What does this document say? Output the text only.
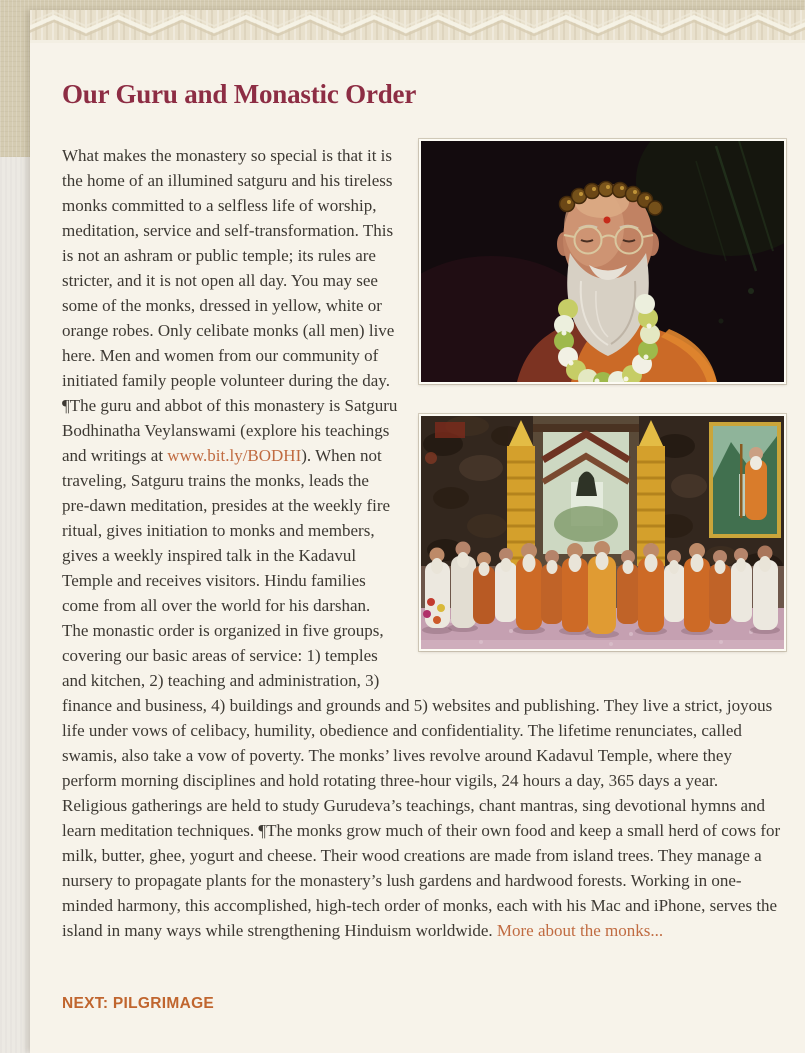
Our Guru and Monastic Order

What makes the monastery so special is that it is the home of an illumined satguru and his tireless monks committed to a selfless life of worship, meditation, service and self-transformation. This is not an ashram or public temple; its rules are stricter, and it is not open all day. You may see some of the monks, dressed in yellow, white or orange robes. Only celibate monks (all men) live here. Men and women from our community of initiated family people volunteer during the day. ¶The guru and abbot of this monastery is Satguru Bodhinatha Veylanswami (explore his teachings and writings at www.bit.ly/BODHI). When not traveling, Satguru trains the monks, leads the pre-dawn meditation, presides at the weekly fire ritual, gives initiation to monks and members, gives a weekly inspired talk in the Kadavul Temple and receives visitors. Hindu families come from all over the world for his darshan. The monastic order is organized in five groups, covering our basic areas of service: 1) temples and kitchen, 2) teaching and administration, 3) finance and business, 4) buildings and grounds and 5) websites and publishing. They live a strict, joyous life under vows of celibacy, humility, obedience and confidentiality. The lifetime renunciates, called swamis, also take a vow of poverty. The monks’ lives revolve around Kadavul Temple, where they perform morning disciplines and hold rotating three-hour vigils, 24 hours a day, 365 days a year. Religious gatherings are held to study Gurudeva’s teachings, chant mantras, sing devotional hymns and learn meditation techniques. ¶The monks grow much of their own food and keep a small herd of cows for milk, butter, ghee, yogurt and cheese. Their wood creations are made from island trees. They manage a nursery to propagate plants for the monastery’s lush gardens and hardwood forests. Working in one-minded harmony, this accomplished, high-tech order of monks, each with his Mac and iPhone, serves the island in many ways while strengthening Hinduism worldwide. More about the monks...

NEXT: PILGRIMAGE
